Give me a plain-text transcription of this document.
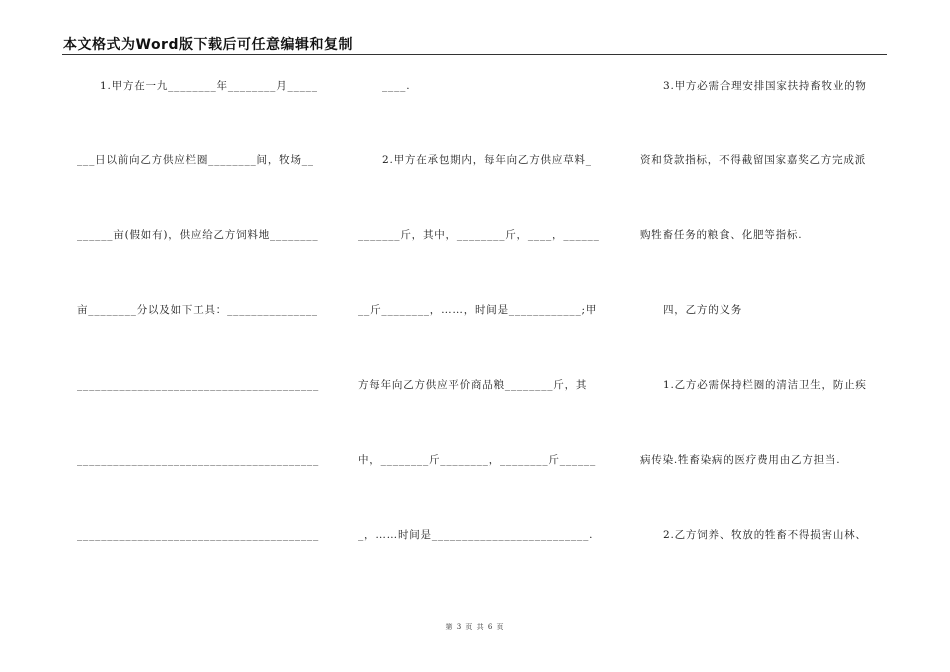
本文格式为Word版下载后可任意编辑和复制
1.甲方在一九________年________月_____
___日以前向乙方供应栏圈________间，牧场__
______亩(假如有)，供应给乙方饲料地________
亩________分以及如下工具：_______________
________________________________________
________________________________________
________________________________________
____.
2.甲方在承包期内，每年向乙方供应草料_
_______斤，其中，________斤，____，______
__斤________，……，时间是____________;甲
方每年向乙方供应平价商品粮________斤，其
中，________斤________，________斤______
_，……时间是__________________________.
3.甲方必需合理安排国家扶持畜牧业的物
资和贷款指标，不得截留国家嘉奖乙方完成派
购牲畜任务的粮食、化肥等指标.
四，乙方的义务
1.乙方必需保持栏圈的清洁卫生，防止疾
病传染.牲畜染病的医疗费用由乙方担当.
2.乙方饲养、牧放的牲畜不得损害山林、
第 3 页 共 6 页
